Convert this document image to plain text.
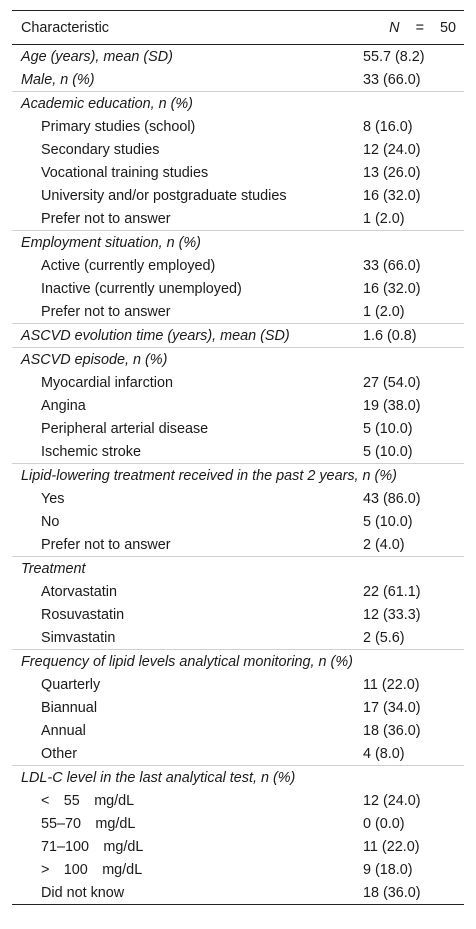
Characteristic	N = 50
Age (years), mean (SD)	55.7 (8.2)
Male, n (%)	33 (66.0)
Academic education, n (%)
Primary studies (school)	8 (16.0)
Secondary studies	12 (24.0)
Vocational training studies	13 (26.0)
University and/or postgraduate studies	16 (32.0)
Prefer not to answer	1 (2.0)
Employment situation, n (%)
Active (currently employed)	33 (66.0)
Inactive (currently unemployed)	16 (32.0)
Prefer not to answer	1 (2.0)
ASCVD evolution time (years), mean (SD)	1.6 (0.8)
ASCVD episode, n (%)
Myocardial infarction	27 (54.0)
Angina	19 (38.0)
Peripheral arterial disease	5 (10.0)
Ischemic stroke	5 (10.0)
Lipid-lowering treatment received in the past 2 years, n (%)
Yes	43 (86.0)
No	5 (10.0)
Prefer not to answer	2 (4.0)
Treatment
Atorvastatin	22 (61.1)
Rosuvastatin	12 (33.3)
Simvastatin	2 (5.6)
Frequency of lipid levels analytical monitoring, n (%)
Quarterly	11 (22.0)
Biannual	17 (34.0)
Annual	18 (36.0)
Other	4 (8.0)
LDL-C level in the last analytical test, n (%)
< 55 mg/dL	12 (24.0)
55–70 mg/dL	0 (0.0)
71–100 mg/dL	11 (22.0)
> 100 mg/dL	9 (18.0)
Did not know	18 (36.0)
